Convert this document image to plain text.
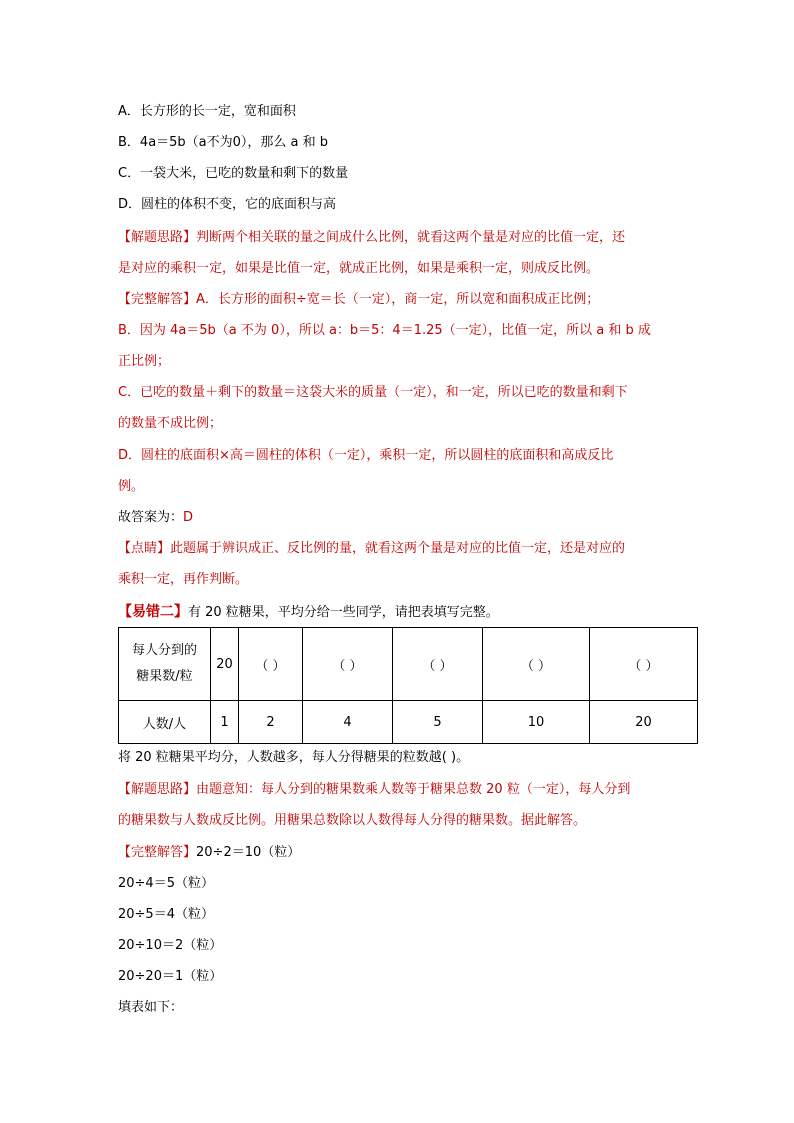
A．长方形的长一定，宽和面积
B．4a＝5b（a不为0），那么 a 和 b
C．一袋大米，已吃的数量和剩下的数量
D．圆柱的体积不变，它的底面积与高
【解题思路】判断两个相关联的量之间成什么比例，就看这两个量是对应的比值一定，还
是对应的乘积一定，如果是比值一定，就成正比例，如果是乘积一定，则成反比例。
【完整解答】A．长方形的面积÷宽＝长（一定），商一定，所以宽和面积成正比例；
B．因为 4a＝5b（a 不为 0），所以 a：b＝5：4＝1.25（一定），比值一定，所以 a 和 b 成
正比例；
C．已吃的数量＋剩下的数量＝这袋大米的质量（一定），和一定，所以已吃的数量和剩下
的数量不成比例；
D．圆柱的底面积×高＝圆柱的体积（一定），乘积一定，所以圆柱的底面积和高成反比
例。
故答案为：D
【点睛】此题属于辨识成正、反比例的量，就看这两个量是对应的比值一定，还是对应的
乘积一定，再作判断。
【易错二】有 20 粒糖果，平均分给一些同学，请把表填写完整。
每人分到的
糖果数/粒	20	（ ）	（ ）	（ ）	（ ）	（ ）
人数/人	1	2	4	5	10	20
将 20 粒糖果平均分，人数越多，每人分得糖果的粒数越( )。
【解题思路】由题意知：每人分到的糖果数乘人数等于糖果总数 20 粒（一定），每人分到
的糖果数与人数成反比例。用糖果总数除以人数得每人分得的糖果数。据此解答。
【完整解答】20÷2＝10（粒）
20÷4＝5（粒）
20÷5＝4（粒）
20÷10＝2（粒）
20÷20＝1（粒）
填表如下：
